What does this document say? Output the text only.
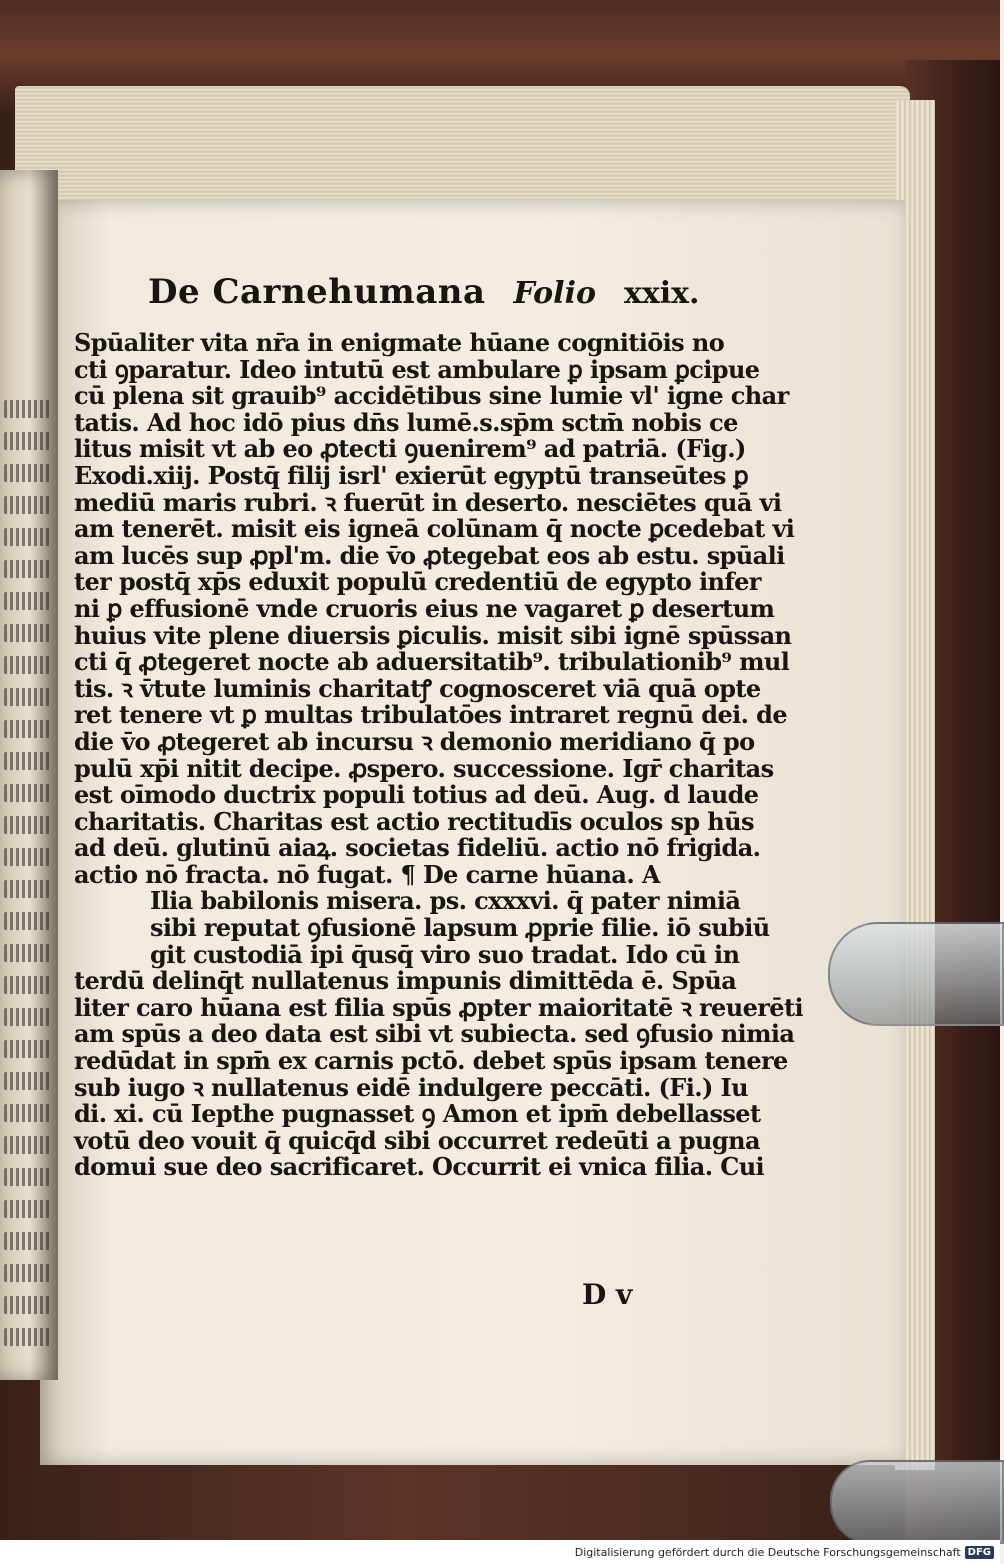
De Carnehumana Folio xxix.
Spūaliter vita nr̄a in enigmate hūane cognitiōis no
cti ꝯparatur. Ideo intutū est ambulare ꝑ ipsam ꝑcipue
cū plena sit grauib⁹ accidētibus sine lumie vl' igne char
tatis. Ad hoc idō pius dn̄s lumē.s.sp̄m sctm̄ nobis ce
litus misit vt ab eo ꝓtecti ꝯuenirem⁹ ad patriā. (Fig.)
Exodi.xiij. Postq̄ filij isrl' exierūt egyptū transeūtes ꝑ
mediū maris rubri. ꝛ fuerūt in deserto. nesciētes quā vi
am tenerēt. misit eis igneā colūnam q̄ nocte ꝑcedebat vi
am lucēs sup ꝓpl'm. die v̄o ꝓtegebat eos ab estu. spūali
ter postq̄ xp̄s eduxit populū credentiū de egypto infer
ni ꝑ effusionē vnde cruoris eius ne vagaret ꝑ desertum
huius vite plene diuersis ꝑiculis. misit sibi ignē spūssan
cti q̄ ꝓtegeret nocte ab aduersitatib⁹. tribulationib⁹ mul
tis. ꝛ v̄tute luminis charitatꝭ cognosceret viā quā opte
ret tenere vt ꝑ multas tribulatōes intraret regnū dei. de
die v̄o ꝓtegeret ab incursu ꝛ demonio meridiano q̄ po
pulū xp̄i nitit decipe. ꝓspero. successione. Igr̄ charitas
est oīmodo ductrix populi totius ad deū. Aug. d laude
charitatis. Charitas est actio rectitudīs oculos sp hūs
ad deū. glutinū aiaꝝ. societas fideliū. actio nō frigida.
actio nō fracta. nō fugat. ¶ De carne hūana. A
Ilia babilonis misera. ps. cxxxvi. q̄ pater nimiā
sibi reputat ꝯfusionē lapsum ꝓprie filie. iō subiū
git custodiā ipi q̄usq̄ viro suo tradat. Ido cū in
terdū delinq̄t nullatenus impunis dimittēda ē. Spūa
liter caro hūana est filia spūs ꝓpter maioritatē ꝛ reuerēti
am spūs a deo data est sibi vt subiecta. sed ꝯfusio nimia
redūdat in spm̄ ex carnis pctō. debet spūs ipsam tenere
sub iugo ꝛ nullatenus eidē indulgere peccāti. (Fi.) Iu
di. xi. cū Iepthe pugnasset ꝯ Amon et ipm̄ debellasset
votū deo vouit q̄ quicq̄d sibi occurret redeūti a pugna
domui sue deo sacrificaret. Occurrit ei vnica filia. Cui
D v
Digitalisierung gefördert durch die Deutsche Forschungsgemeinschaft DFG
